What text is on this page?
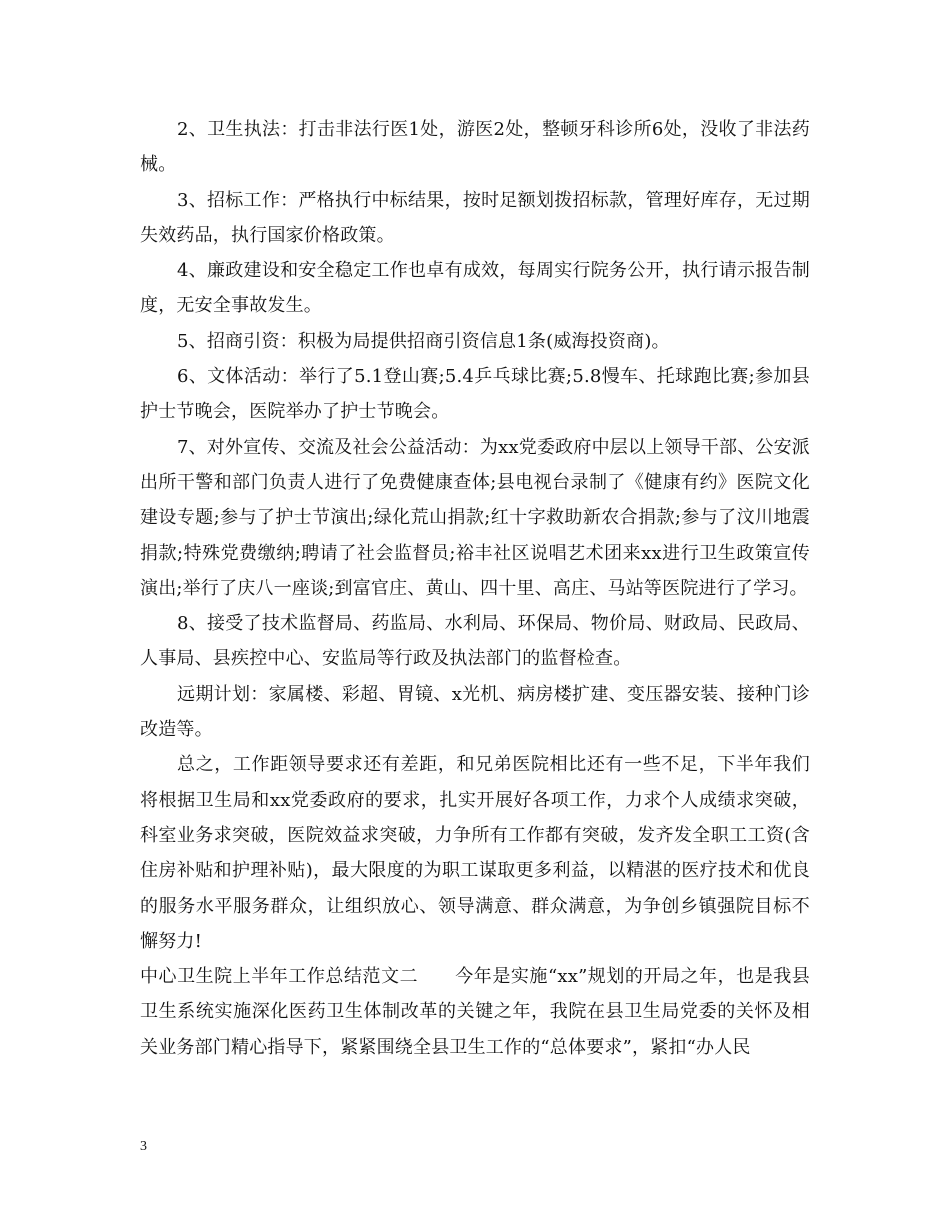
2、卫生执法：打击非法行医1处，游医2处，整顿牙科诊所6处，没收了非法药械。

3、招标工作：严格执行中标结果，按时足额划拨招标款，管理好库存，无过期失效药品，执行国家价格政策。

4、廉政建设和安全稳定工作也卓有成效，每周实行院务公开，执行请示报告制度，无安全事故发生。

5、招商引资：积极为局提供招商引资信息1条(威海投资商)。

6、文体活动：举行了5.1登山赛;5.4乒乓球比赛;5.8慢车、托球跑比赛;参加县护士节晚会，医院举办了护士节晚会。

7、对外宣传、交流及社会公益活动：为xx党委政府中层以上领导干部、公安派出所干警和部门负责人进行了免费健康查体;县电视台录制了《健康有约》医院文化建设专题;参与了护士节演出;绿化荒山捐款;红十字救助新农合捐款;参与了汶川地震捐款;特殊党费缴纳;聘请了社会监督员;裕丰社区说唱艺术团来xx进行卫生政策宣传演出;举行了庆八一座谈;到富官庄、黄山、四十里、高庄、马站等医院进行了学习。

8、接受了技术监督局、药监局、水利局、环保局、物价局、财政局、民政局、人事局、县疾控中心、安监局等行政及执法部门的监督检查。

远期计划：家属楼、彩超、胃镜、x光机、病房楼扩建、变压器安装、接种门诊改造等。

总之，工作距领导要求还有差距，和兄弟医院相比还有一些不足，下半年我们将根据卫生局和xx党委政府的要求，扎实开展好各项工作，力求个人成绩求突破，科室业务求突破，医院效益求突破，力争所有工作都有突破，发齐发全职工工资(含住房补贴和护理补贴)，最大限度的为职工谋取更多利益，以精湛的医疗技术和优良的服务水平服务群众，让组织放心、领导满意、群众满意，为争创乡镇强院目标不懈努力!

中心卫生院上半年工作总结范文二　　今年是实施“xx”规划的开局之年，也是我县卫生系统实施深化医药卫生体制改革的关键之年，我院在县卫生局党委的关怀及相关业务部门精心指导下，紧紧围绕全县卫生工作的“总体要求”，紧扣“办人民

3
